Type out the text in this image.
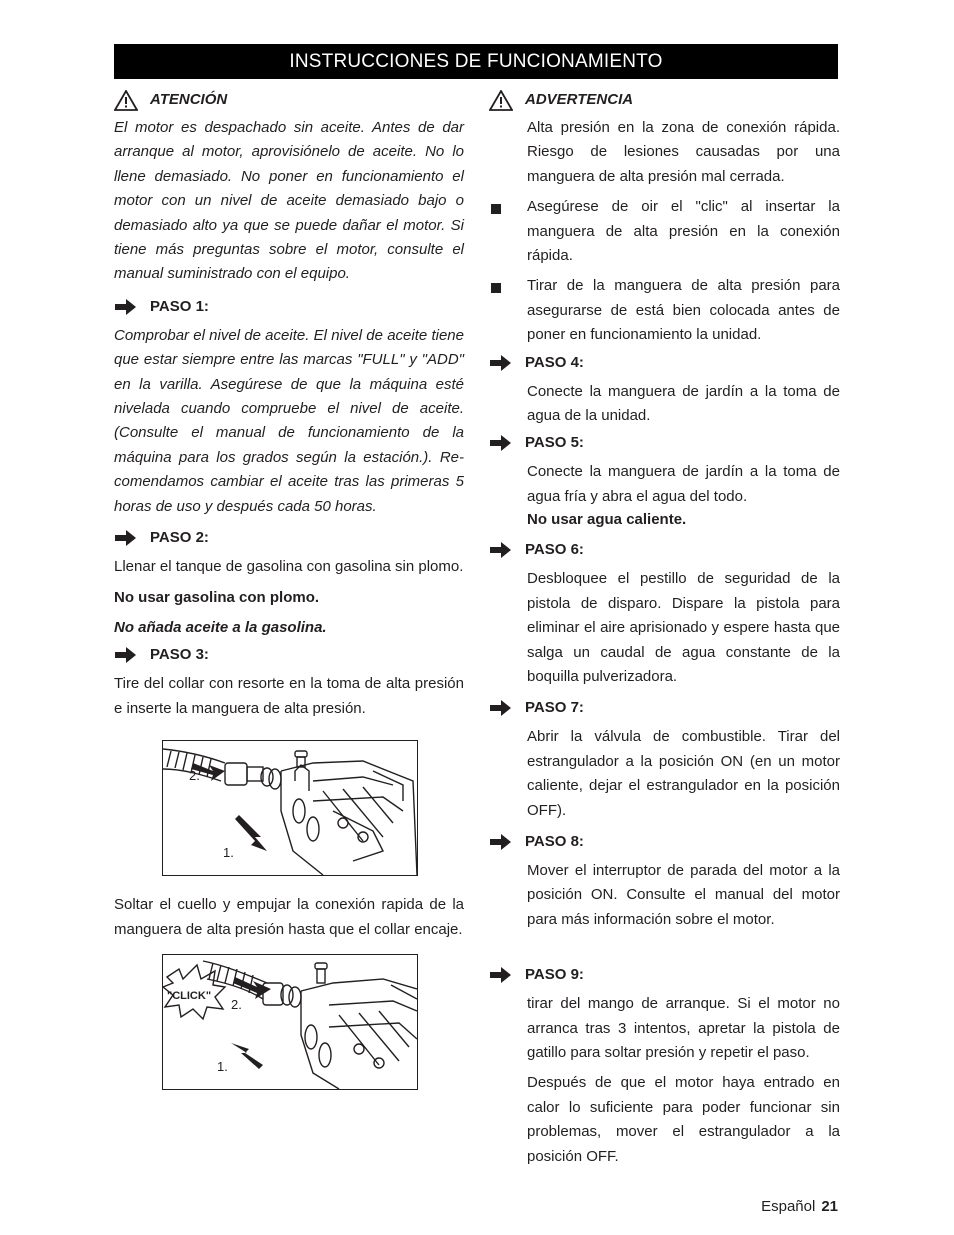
INSTRUCCIONES DE FUNCIONAMIENTO
ATENCIÓN

El motor es despachado sin aceite. Antes de dar arranque al motor, aprovisiónelo de aceite. No lo llene demasiado. No poner en funcionamiento el motor con un nivel de aceite demasiado bajo o demasiado alto ya que se puede dañar el motor. Si tiene más preguntas sobre el motor, consulte el manual suministrado con el equipo.

PASO 1:

Comprobar el nivel de aceite. El nivel de aceite tiene que estar siempre entre las marcas "FULL" y "ADD" en la varilla. Asegúrese de que la máquina esté nivelada cuando compruebe el nivel de aceite. (Consulte el manual de funcionamiento de la máquina para los grados según la estación.). Re- comendamos cambiar el aceite tras las primeras 5 horas de uso y después cada 50 horas.

PASO 2:

Llenar el tanque de gasolina con gasolina sin plomo.

No usar gasolina con plomo.

No añada aceite a la gasolina.

PASO 3:

Tire del collar con resorte en la toma de alta presión e inserte la manguera de alta presión.

2.
1.

Soltar el cuello y empujar la conexión rapida de la manguera de alta presión hasta que el collar encaje.

"CLICK"
2.
1.
ADVERTENCIA

Alta presión en la zona de conexión rápida. Riesgo de lesiones causadas por una manguera de alta presión mal cerrada.

Asegúrese de oir el "clic" al insertar la manguera de alta presión en la conexión rápida.

Tirar de la manguera de alta presión para asegurarse de está bien colocada antes de poner en funcionamiento la unidad.

PASO 4:

Conecte la manguera de jardín a la toma de agua de la unidad.

PASO 5:

Conecte la manguera de jardín a la toma de agua fría y abra el agua del todo.

No usar agua caliente.

PASO 6:

Desbloquee el pestillo de seguridad de la pistola de disparo. Dispare la pistola para eliminar el aire aprisionado y espere hasta que salga un caudal de agua constante de la boquilla pulverizadora.

PASO 7:

Abrir la válvula de combustible. Tirar del estrangulador a la posición ON (en un motor caliente, dejar el estrangulador en la posición OFF).

PASO 8:

Mover el interruptor de parada del motor a la posición ON. Consulte el manual del motor para más información sobre el motor.

PASO 9:

tirar del mango de arranque. Si el motor no arranca tras 3 intentos, apretar la pistola de gatillo para soltar presión y repetir el paso.

Después de que el motor haya entrado en calor lo suficiente para poder funcionar sin problemas, mover el estrangulador a la posición OFF.

Español 21
